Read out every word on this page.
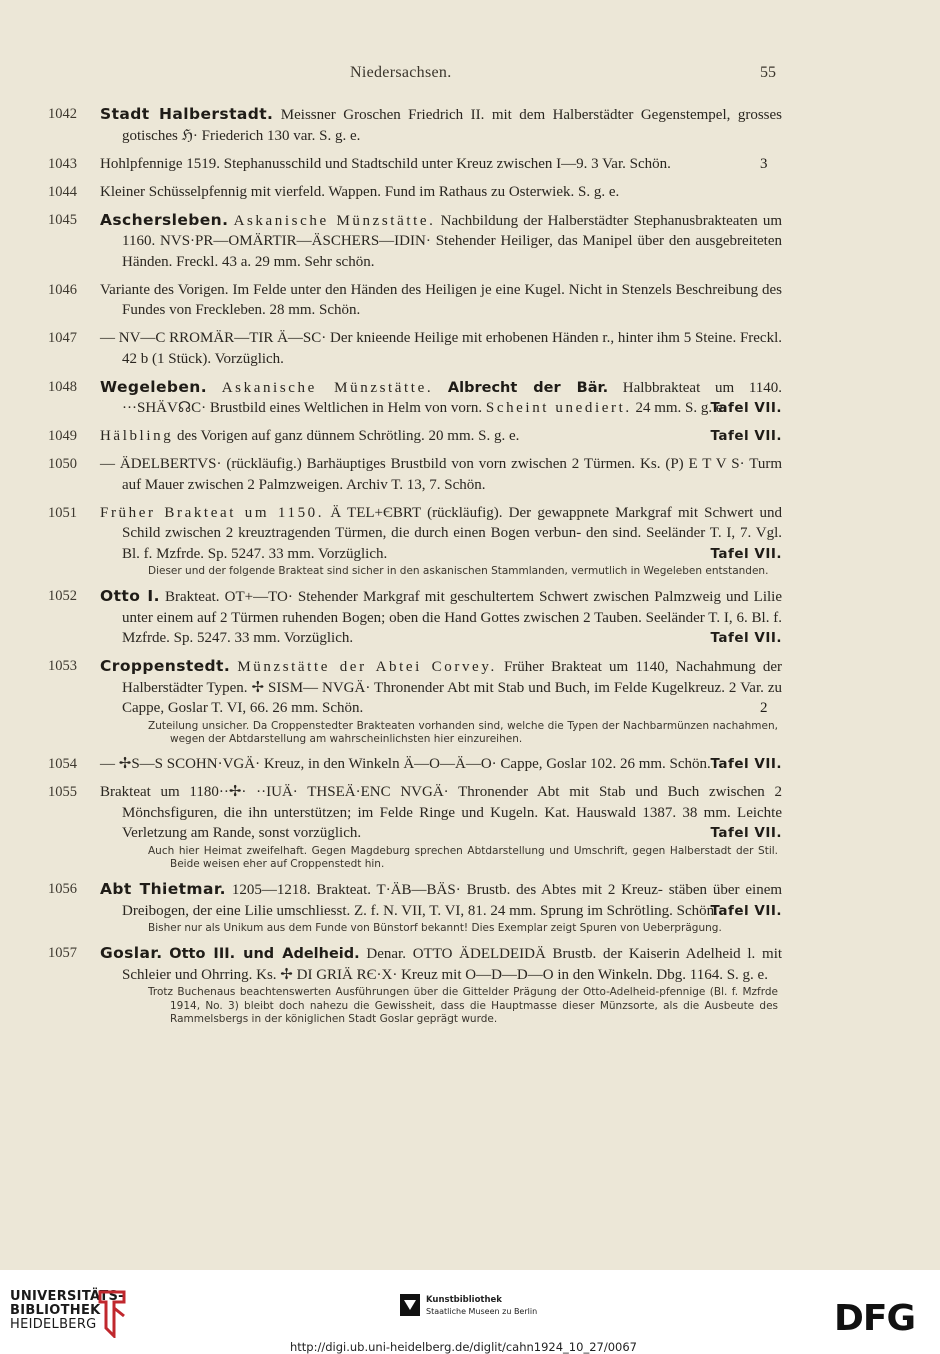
Niedersachsen.	55
1042 Stadt Halberstadt. Meissner Groschen Friedrich II. mit dem Halberstädter Gegenstempel, grosses gotisches ℌ· Friederich 130 var. S. g. e.
1043 Hohlpfennige 1519. Stephanusschild und Stadtschild unter Kreuz zwischen I—9. 3 Var. Schön.	3
1044 Kleiner Schüsselpfennig mit vierfeld. Wappen. Fund im Rathaus zu Osterwiek. S. g. e.
1045 Aschersleben. Askanische Münzstätte. Nachbildung der Halberstädter Stephanusbrakteaten um 1160. NVS·PR—OMÄRTIR—ÄSCHERS—IDIN· Stehender Heiliger, das Manipel über den ausgebreiteten Händen. Freckl. 43 a. 29 mm. Sehr schön.
1046 Variante des Vorigen. Im Felde unter den Händen des Heiligen je eine Kugel. Nicht in Stenzels Beschreibung des Fundes von Freckleben. 28 mm. Schön.
1047 — NV—C RROMÄR—TIR Ä—SC· Der knieende Heilige mit erhobenen Händen r., hinter ihm 5 Steine. Freckl. 42 b (1 Stück). Vorzüglich.
1048 Wegeleben. Askanische Münzstätte. Albrecht der Bär. Halbbrakteat um 1140. ···SHÄV☊C· Brustbild eines Weltlichen in Helm von vorn. Scheint unediert. 24 mm. S. g. e.
Tafel VII.
1049 Hälbling des Vorigen auf ganz dünnem Schrötling. 20 mm. S. g. e.	Tafel VII.
1050 — ÄDELBERTVS· (rückläufig.) Barhäuptiges Brustbild von vorn zwischen 2 Türmen. Ks. (P) E T V S· Turm auf Mauer zwischen 2 Palmzweigen. Archiv T. 13, 7. Schön.
1051 Früher Brakteat um 1150. Ä TEL+ЄBRT (rückläufig). Der gewappnete Markgraf mit Schwert und Schild zwischen 2 kreuztragenden Türmen, die durch einen Bogen verbun- den sind. Seeländer T. I, 7. Vgl. Bl. f. Mzfrde. Sp. 5247. 33 mm. Vorzüglich.	Tafel VII.
Dieser und der folgende Brakteat sind sicher in den askanischen Stammlanden, vermutlich in Wegeleben entstanden.
1052 Otto I. Brakteat. OT+—TO· Stehender Markgraf mit geschultertem Schwert zwischen Palmzweig und Lilie unter einem auf 2 Türmen ruhenden Bogen; oben die Hand Gottes zwischen 2 Tauben. Seeländer T. I, 6. Bl. f. Mzfrde. Sp. 5247. 33 mm. Vorzüglich.	Tafel VII.
1053 Croppenstedt. Münzstätte der Abtei Corvey. Früher Brakteat um 1140, Nachahmung der Halberstädter Typen. ✢ SISM— NVGÄ· Thronender Abt mit Stab und Buch, im Felde Kugelkreuz. 2 Var. zu Cappe, Goslar T. VI, 66. 26 mm. Schön.	2
Zuteilung unsicher. Da Croppenstedter Brakteaten vorhanden sind, welche die Typen der Nachbarmünzen nachahmen, wegen der Abtdarstellung am wahrscheinlichsten hier einzureihen.
1054 — ✢S—S SCOHN·VGÄ· Kreuz, in den Winkeln Ä—O—Ä—O· Cappe, Goslar 102. 26 mm. Schön. Tafel VII.
1055 Brakteat um 1180··✢· ··IUÄ· THSEÄ·ENC NVGÄ· Thronender Abt mit Stab und Buch zwischen 2 Mönchsfiguren, die ihn unterstützen; im Felde Ringe und Kugeln. Kat. Hauswald 1387. 38 mm. Leichte Verletzung am Rande, sonst vorzüglich.	Tafel VII.
Auch hier Heimat zweifelhaft. Gegen Magdeburg sprechen Abtdarstellung und Umschrift, gegen Halberstadt der Stil. Beide weisen eher auf Croppenstedt hin.
1056 Abt Thietmar. 1205—1218. Brakteat. T·ÄB—BÄS· Brustb. des Abtes mit 2 Kreuz- stäben über einem Dreibogen, der eine Lilie umschliesst. Z. f. N. VII, T. VI, 81. 24 mm. Sprung im Schrötling. Schön.
Tafel VII.
Bisher nur als Unikum aus dem Funde von Bünstorf bekannt! Dies Exemplar zeigt Spuren von Ueberprägung.
1057 Goslar. Otto III. und Adelheid. Denar. OTTO ÄDELDEIDÄ Brustb. der Kaiserin Adelheid l. mit Schleier und Ohrring. Ks. ✢ DI GRIÄ RЄ·X· Kreuz mit O—D—D—O in den Winkeln. Dbg. 1164. S. g. e.
Trotz Buchenaus beachtenswerten Ausführungen über die Gittelder Prägung der Otto-Adelheid-pfennige (Bl. f. Mzfrde 1914, No. 3) bleibt doch nahezu die Gewissheit, dass die Hauptmasse dieser Münzsorte, als die Ausbeute des Rammelsbergs in der königlichen Stadt Goslar geprägt wurde.
UNIVERSITÄTS-
BIBLIOTHEK
HEIDELBERG
Kunstbibliothek
Staatliche Museen zu Berlin	DFG
http://digi.ub.uni-heidelberg.de/diglit/cahn1924_10_27/0067
